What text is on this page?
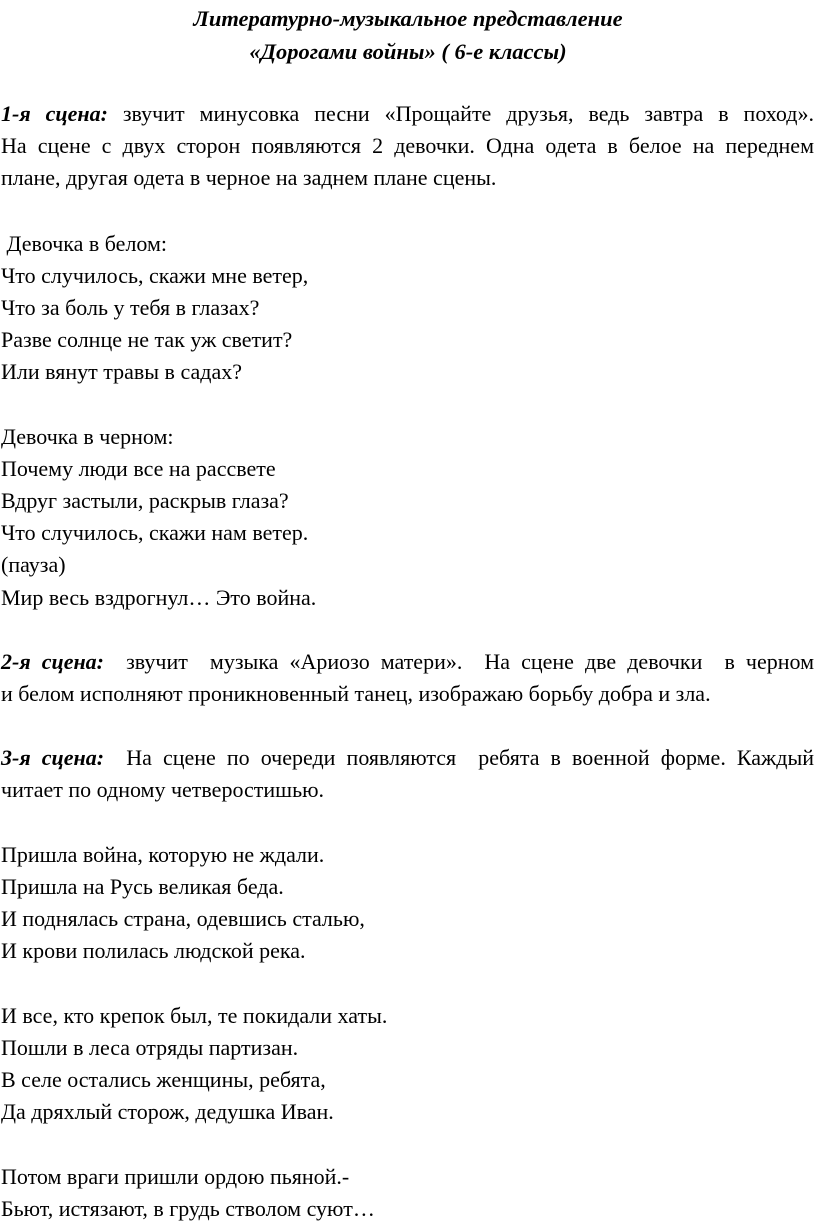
Литературно-музыкальное представление
«Дорогами войны» ( 6-е классы)
1-я сцена: звучит минусовка песни «Прощайте друзья, ведь завтра в поход».
На сцене с двух сторон появляются 2 девочки. Одна одета в белое на переднем
плане, другая одета в черное на заднем плане сцены.
Девочка в белом:
Что случилось, скажи мне ветер,
Что за боль у тебя в глазах?
Разве солнце не так уж светит?
Или вянут травы в садах?
Девочка в черном:
Почему люди все на рассвете
Вдруг застыли, раскрыв глаза?
Что случилось, скажи нам ветер.
(пауза)
Мир весь вздрогнул… Это война.
2-я сцена:  звучит  музыка «Ариозо матери».  На сцене две девочки  в черном
и белом исполняют проникновенный танец, изображаю борьбу добра и зла.
3-я сцена:  На сцене по очереди появляются  ребята в военной форме. Каждый
читает по одному четверостишью.
Пришла война, которую не ждали.
Пришла на Русь великая беда.
И поднялась страна, одевшись сталью,
И крови полилась людской река.
И все, кто крепок был, те покидали хаты.
Пошли в леса отряды партизан.
В селе остались женщины, ребята,
Да дряхлый сторож, дедушка Иван.
Потом враги пришли ордою пьяной.-
Бьют, истязают, в грудь стволом суют…
